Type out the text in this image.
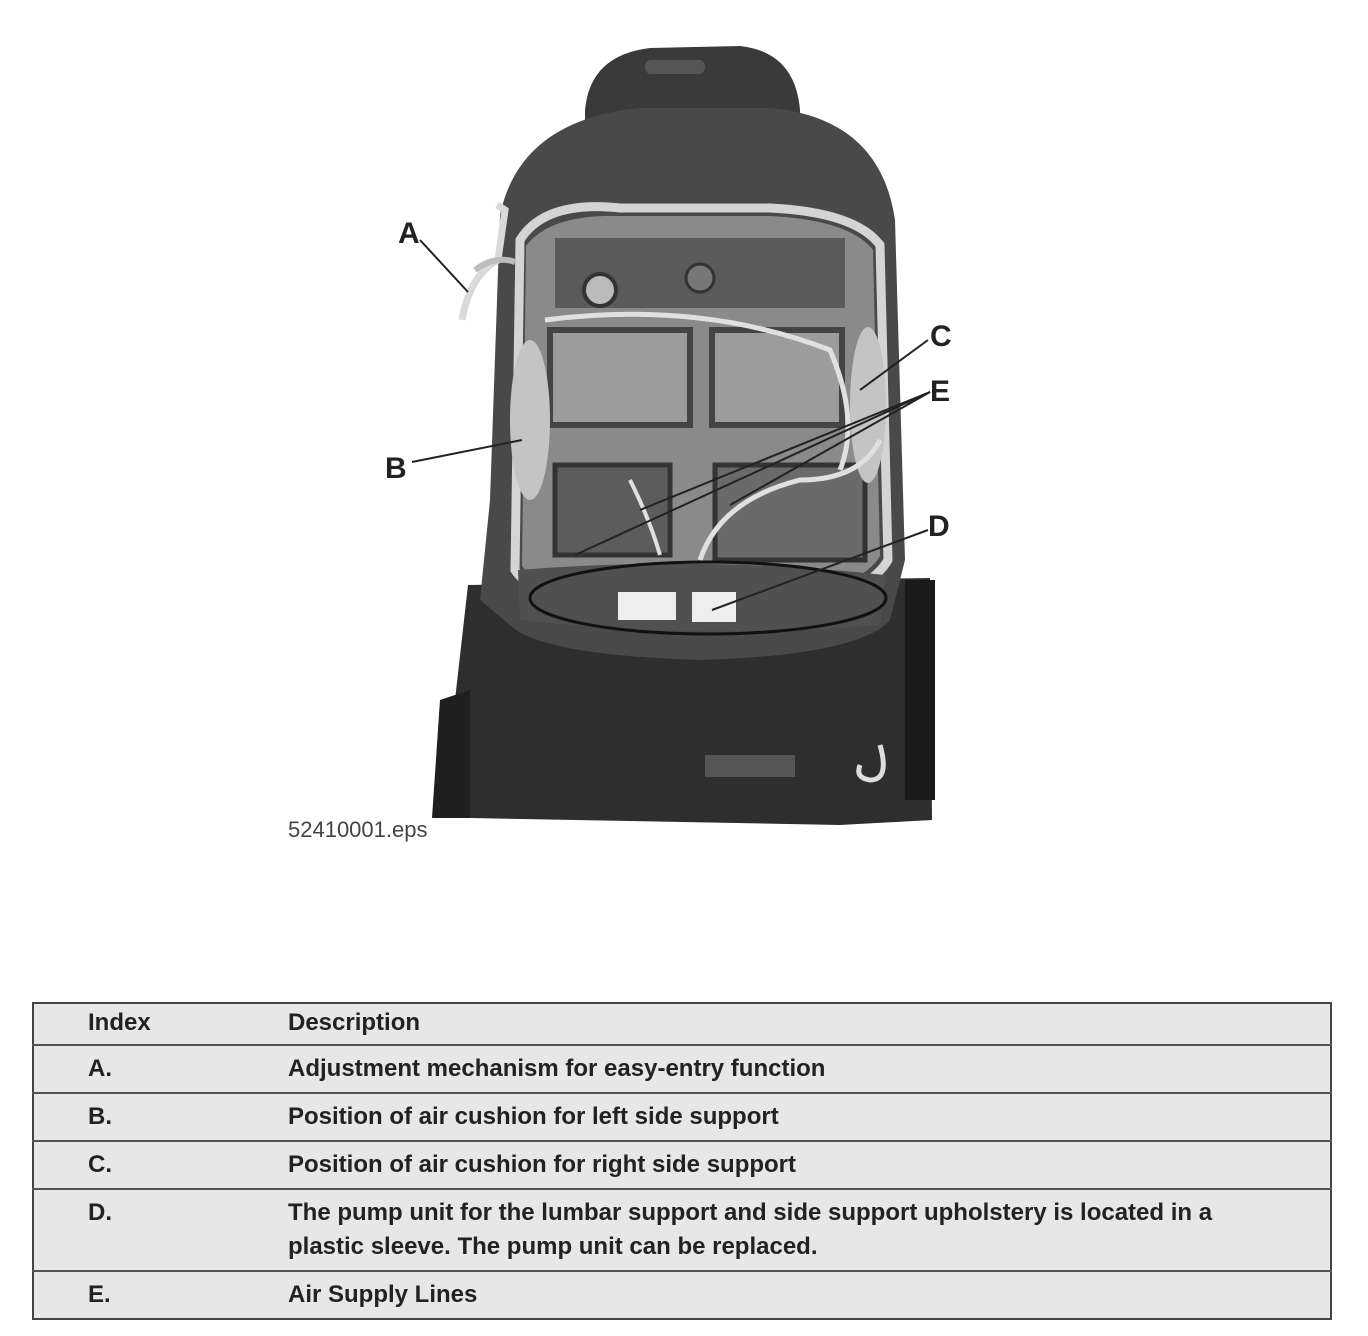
A
B
C
E
D
52410001.eps
Index	Description
A.	Adjustment mechanism for easy-entry function
B.	Position of air cushion for left side support
C.	Position of air cushion for right side support
D.	The pump unit for the lumbar support and side support upholstery is located in a plastic sleeve. The pump unit can be replaced.
E.	Air Supply Lines
